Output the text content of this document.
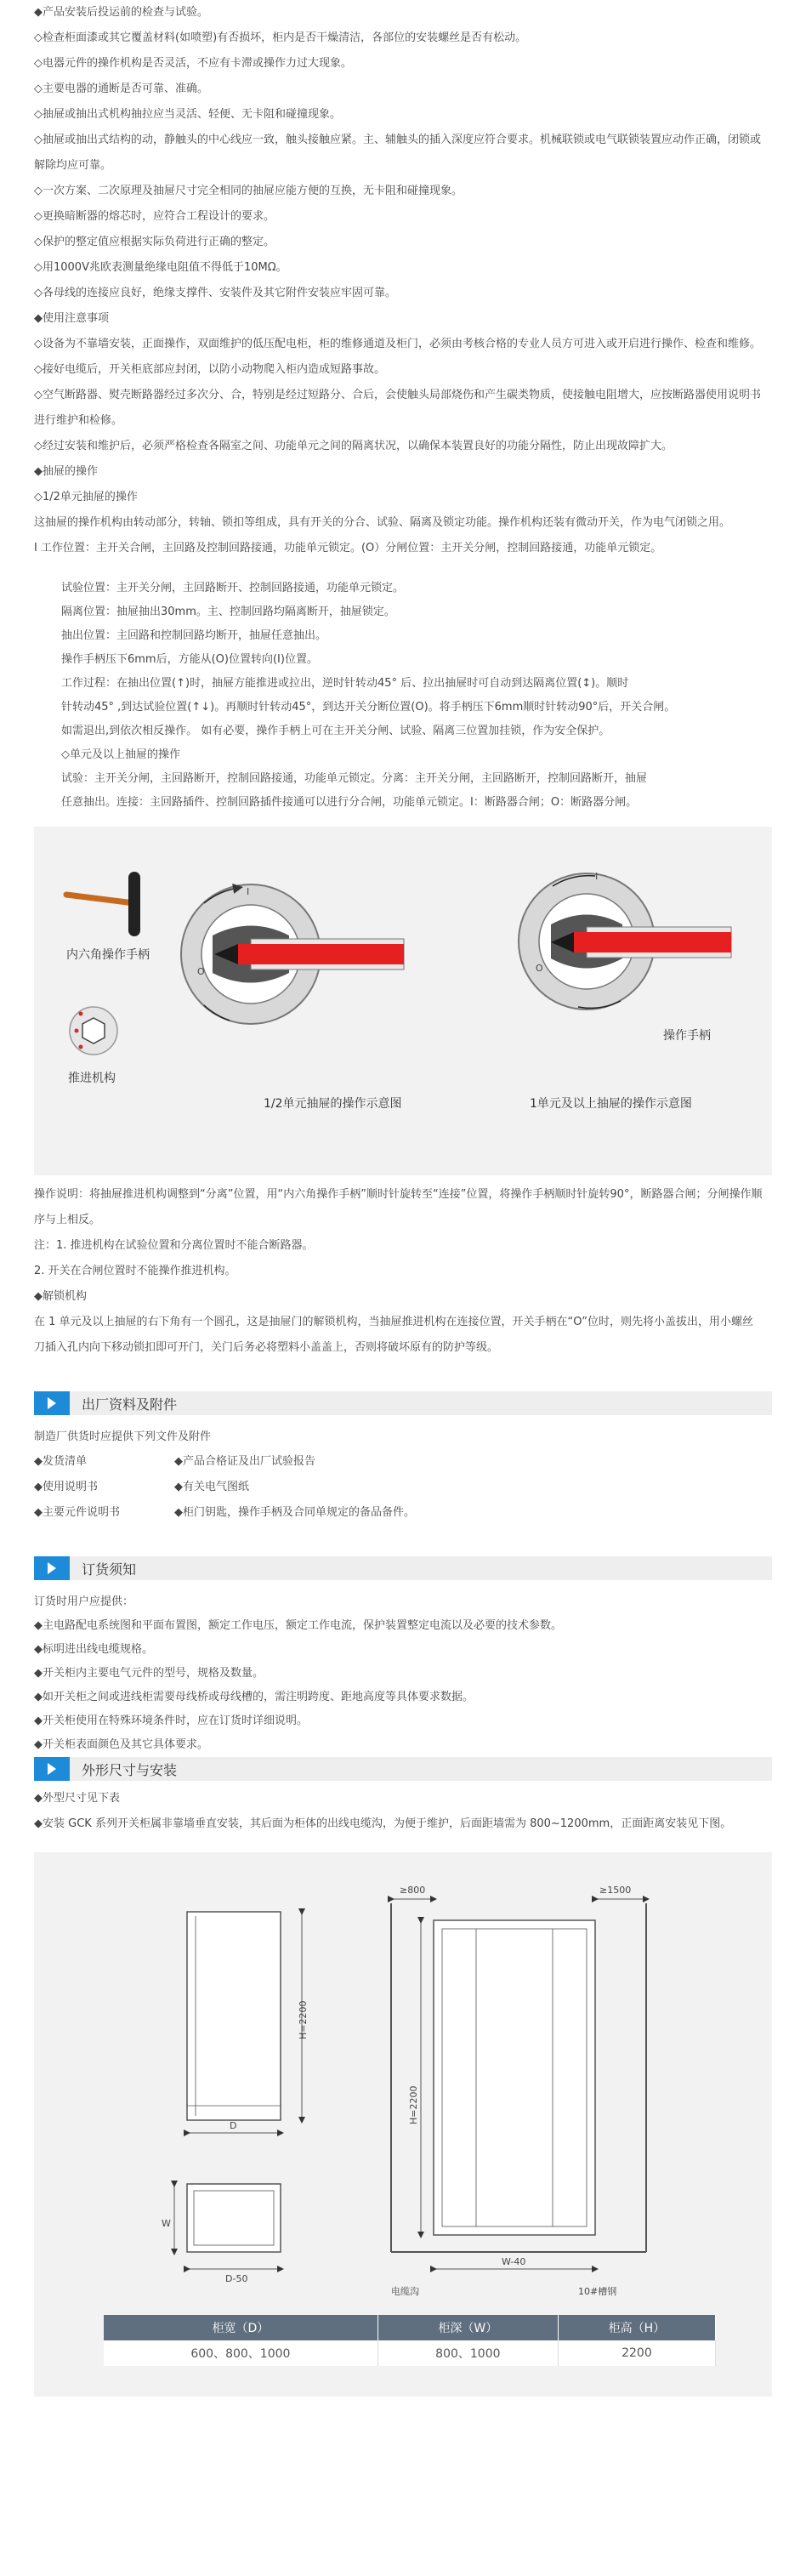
◆产品安装后投运前的检查与试验。

◇检查柜面漆或其它覆盖材料(如喷塑)有否损坏，柜内是否干燥清洁，各部位的安装螺丝是否有松动。

◇电器元件的操作机构是否灵活，不应有卡滞或操作力过大现象。

◇主要电器的通断是否可靠、准确。

◇抽屉或抽出式机构抽拉应当灵活、轻便、无卡阻和碰撞现象。

◇抽屉或抽出式结构的动，静触头的中心线应一致，触头接触应紧。主、辅触头的插入深度应符合要求。机械联锁或电气联锁装置应动作正确，闭锁或解除均应可靠。

◇一次方案、二次原理及抽屉尺寸完全相同的抽屉应能方便的互换，无卡阻和碰撞现象。

◇更换暗断器的熔芯时，应符合工程设计的要求。

◇保护的整定值应根据实际负荷进行正确的整定。

◇用1000V兆欧表测量绝缘电阻值不得低于10MΩ。

◇各母线的连接应良好，绝缘支撑件、安装件及其它附件安装应牢固可靠。

◆使用注意事项

◇设备为不靠墙安装，正面操作，双面维护的低压配电柜，柜的维修通道及柜门，必须由考核合格的专业人员方可进入或开启进行操作、检查和维修。

◇接好电缆后，开关柜底部应封闭，以防小动物爬入柜内造成短路事故。

◇空气断路器、熨壳断路器经过多次分、合，特别是经过短路分、合后，会使触头局部烧伤和产生碳类物质，使接触电阻增大，应按断路器使用说明书进行维护和检修。

◇经过安装和维护后，必须严格检查各隔室之间、功能单元之间的隔离状况，以确保本装置良好的功能分隔性，防止出现故障扩大。

◆抽屉的操作

◇1/2单元抽屉的操作

这抽屉的操作机构由转动部分，转轴、锁扣等组成，具有开关的分合、试验、隔离及锁定功能。操作机构还装有微动开关，作为电气闭锁之用。

Ⅰ 工作位置：主开关合闸，主回路及控制回路接通，功能单元锁定。(O）分闸位置：主开关分闸，控制回路接通，功能单元锁定。

试验位置：主开关分闸，主回路断开、控制回路接通，功能单元锁定。

隔离位置：抽屉抽出30mm。主、控制回路均隔离断开，抽屉锁定。

抽出位置：主回路和控制回路均断开，抽屉任意抽出。

操作手柄压下6mm后，方能从(O)位置转向(I)位置。

工作过程：在抽出位置(↑)时，抽屉方能推进或拉出，逆时针转动45° 后、拉出抽屉时可自动到达隔离位置(↕)。顺时

针转动45° ,到达试验位置(↑↓)。再顺时针转动45°，到达开关分断位置(O)。将手柄压下6mm顺时针转动90°后，开关合闸。

如需退出,到依次相反操作。 如有必要，操作手柄上可在主开关分闸、试验、隔离三位置加挂锁，作为安全保护。

◇单元及以上抽屉的操作

试验：主开关分闸，主回路断开，控制回路接通，功能单元锁定。分离：主开关分闸，主回路断开，控制回路断开，抽屉

任意抽出。连接：主回路插件、控制回路插件接通可以进行分合闸，功能单元锁定。I：断路器合闸；O：断路器分闸。

内六角操作手柄
推进机构
I
O
I
O
操作手柄
1/2单元抽屉的操作示意图	1单元及以上抽屉的操作示意图

操作说明：将抽屉推进机构调整到“分离”位置，用“内六角操作手柄”顺时针旋转至“连接”位置，将操作手柄顺时针旋转90°，断路器合闸；分闸操作顺序与上相反。

注：1. 推进机构在试验位置和分离位置时不能合断路器。

2. 开关在合闸位置时不能操作推进机构。

◆解锁机构

在 1 单元及以上抽屉的右下角有一个圆孔，这是抽屉门的解锁机构，当抽屉推进机构在连接位置，开关手柄在“O”位时，则先将小盖拔出，用小螺丝刀插入孔内向下移动锁扣即可开门，关门后务必将塑料小盖盖上，否则将破坏原有的防护等级。

出厂资料及附件

制造厂供货时应提供下列文件及附件

◆发货清单	◆产品合格证及出厂试验报告
◆使用说明书	◆有关电气图纸
◆主要元件说明书	◆柜门钥匙，操作手柄及合同单规定的备品备件。
订货须知

订货时用户应提供：

◆主电路配电系统图和平面布置图，额定工作电压，额定工作电流，保护装置整定电流以及必要的技术参数。

◆标明进出线电缆规格。

◆开关柜内主要电气元件的型号，规格及数量。

◆如开关柜之间或进线柜需要母线桥或母线槽的，需注明跨度、距地高度等具体要求数据。

◆开关柜使用在特殊环境条件时，应在订货时详细说明。

◆开关柜表面颜色及其它具体要求。

外形尺寸与安装

◆外型尺寸见下表

◆安装 GCK 系列开关柜属非靠墙垂直安装，其后面为柜体的出线电缆沟，为便于维护，后面距墙需为 800~1200mm，正面距离安装见下图。

H=2200
D
D-50
W
≥800	≥1500
H=2200
W-40
电缆沟	10#槽钢
柜宽（D）	柜深（W）	柜高（H）
600、800、1000	800、1000	2200
